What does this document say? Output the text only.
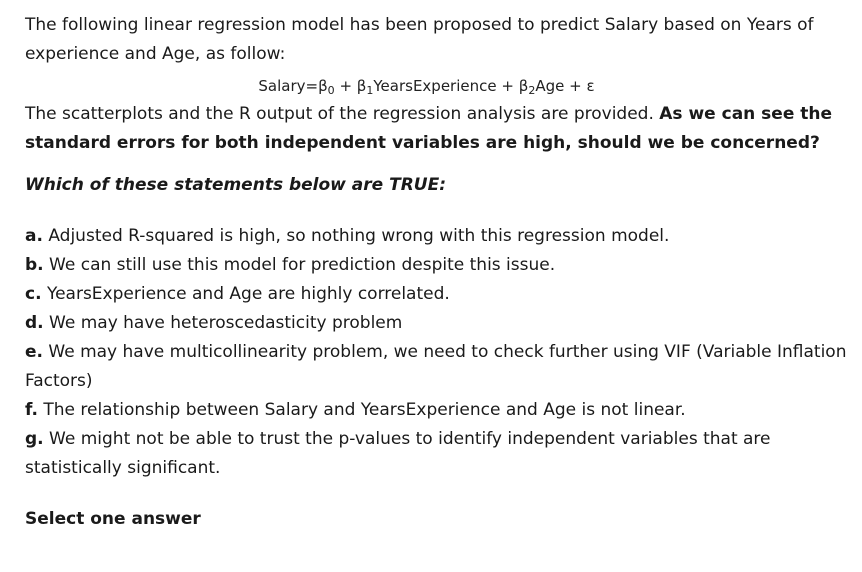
The following linear regression model has been proposed to predict Salary based on Years of experience and Age, as follow:

$Salary=\beta_0$ + $\beta_1YearsExperience + \beta_2Age + \varepsilon$

The scatterplots and the R output of the regression analysis are provided. As we can see the standard errors for both independent variables are high, should we be concerned?

Which of these statements below are TRUE:

a. Adjusted R-squared is high, so nothing wrong with this regression model.
b. We can still use this model for prediction despite this issue.
c. YearsExperience and Age are highly correlated.
d. We may have heteroscedasticity problem
e. We may have multicollinearity problem, we need to check further using VIF (Variable Inflation Factors)
f. The relationship between Salary and YearsExperience and Age is not linear.
g. We might not be able to trust the p-values to identify independent variables that are statistically significant.

Select one answer
